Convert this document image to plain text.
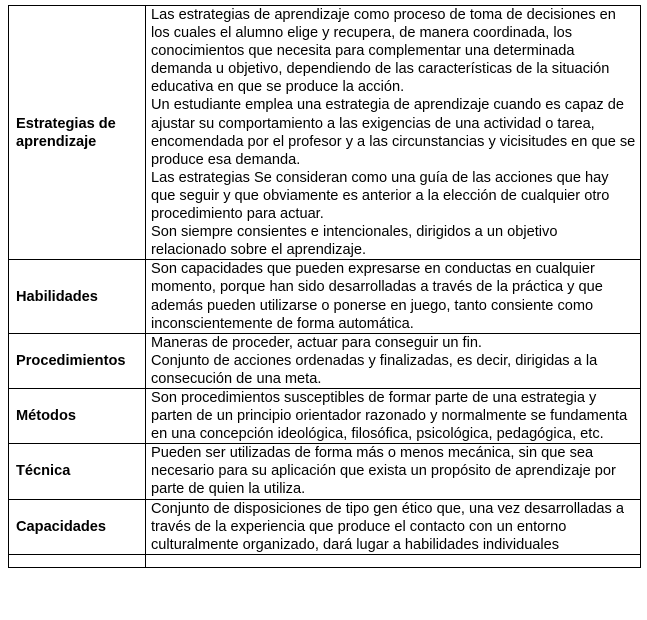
Estrategias de aprendizaje	Las estrategias de aprendizaje como proceso de toma de decisiones en los cuales el alumno elige y recupera, de manera coordinada, los conocimientos que necesita para complementar una determinada demanda u objetivo, dependiendo de las características de la situación educativa en que se produce la acción.
Un estudiante emplea una estrategia de aprendizaje cuando es capaz de ajustar su comportamiento a las exigencias de una actividad o tarea, encomendada por el profesor y a las circunstancias y vicisitudes en que se produce esa demanda.
Las estrategias Se consideran como una guía de las acciones que hay que seguir y que obviamente es anterior a la elección de cualquier otro procedimiento para actuar.
Son siempre consientes e intencionales, dirigidos a un objetivo relacionado sobre el aprendizaje.

Habilidades	Son capacidades que pueden expresarse en conductas en cualquier momento, porque han sido desarrolladas a través de la práctica y que además pueden utilizarse o ponerse en juego, tanto consiente como inconscientemente de forma automática.

Procedimientos	Maneras de proceder, actuar para conseguir un fin.
Conjunto de acciones ordenadas y finalizadas, es decir, dirigidas a la consecución de una meta.

Métodos	Son procedimientos susceptibles de formar parte de una estrategia y parten de un principio orientador razonado y normalmente se fundamenta en una concepción ideológica, filosófica, psicológica, pedagógica, etc.

Técnica	Pueden ser utilizadas de forma más o menos mecánica, sin que sea necesario para su aplicación que exista un propósito de aprendizaje por parte de quien la utiliza.

Capacidades	Conjunto de disposiciones de tipo gen ético que, una vez desarrolladas a través de la experiencia que produce el contacto con un entorno culturalmente organizado, dará lugar a habilidades individuales
